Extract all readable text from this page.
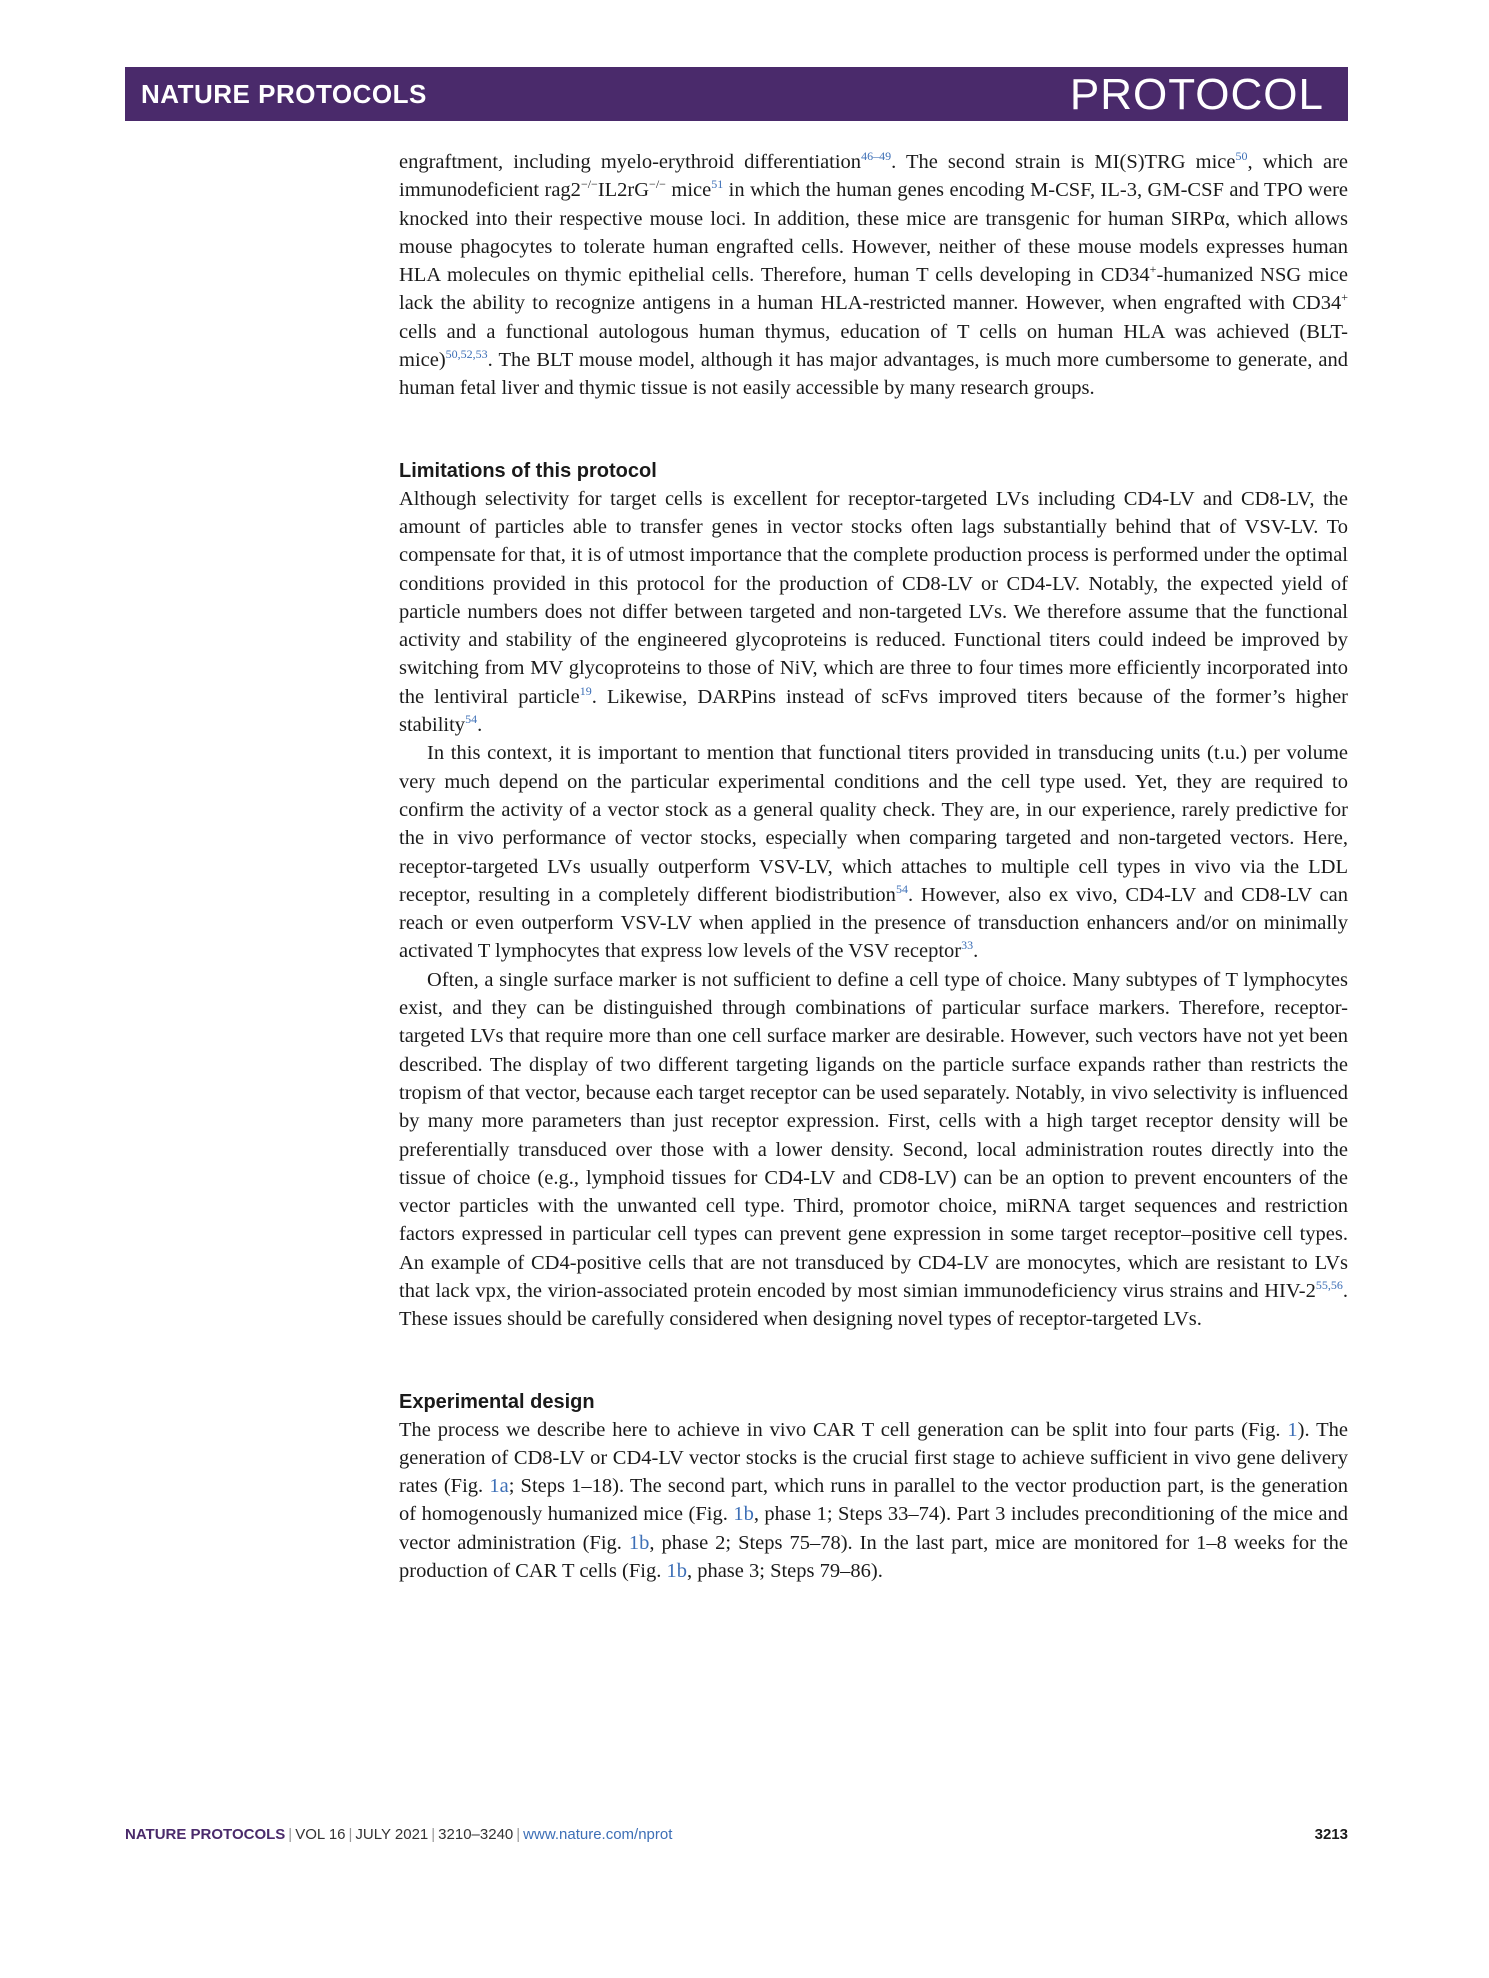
NATURE PROTOCOLS	PROTOCOL

engraftment, including myelo-erythroid differentiation$^{46-49}$. The second strain is MI(S)TRG mice$^{50}$, which are immunodeficient rag2−/−IL2rG−/− mice$^{51}$ in which the human genes encoding M-CSF, IL-3, GM-CSF and TPO were knocked into their respective mouse loci. In addition, these mice are transgenic for human SIRPα, which allows mouse phagocytes to tolerate human engrafted cells. However, neither of these mouse models expresses human HLA molecules on thymic epithelial cells. Therefore, human T cells developing in CD34+-humanized NSG mice lack the ability to recognize antigens in a human HLA-restricted manner. However, when engrafted with CD34+ cells and a functional autologous human thymus, education of T cells on human HLA was achieved (BLT-mice)$^{50,52,53}$. The BLT mouse model, although it has major advantages, is much more cumbersome to generate, and human fetal liver and thymic tissue is not easily accessible by many research groups.

Limitations of this protocol

Although selectivity for target cells is excellent for receptor-targeted LVs including CD4-LV and CD8-LV, the amount of particles able to transfer genes in vector stocks often lags substantially behind that of VSV-LV. To compensate for that, it is of utmost importance that the complete production process is performed under the optimal conditions provided in this protocol for the production of CD8-LV or CD4-LV. Notably, the expected yield of particle numbers does not differ between targeted and non-targeted LVs. We therefore assume that the functional activity and stability of the engineered glycoproteins is reduced. Functional titers could indeed be improved by switching from MV glycoproteins to those of NiV, which are three to four times more efficiently incorporated into the lentiviral particle$^{19}$. Likewise, DARPins instead of scFvs improved titers because of the former’s higher stability$^{54}$.

In this context, it is important to mention that functional titers provided in transducing units (t.u.) per volume very much depend on the particular experimental conditions and the cell type used. Yet, they are required to confirm the activity of a vector stock as a general quality check. They are, in our experience, rarely predictive for the in vivo performance of vector stocks, especially when comparing targeted and non-targeted vectors. Here, receptor-targeted LVs usually outperform VSV-LV, which attaches to multiple cell types in vivo via the LDL receptor, resulting in a completely different biodistribution$^{54}$. However, also ex vivo, CD4-LV and CD8-LV can reach or even outperform VSV-LV when applied in the presence of transduction enhancers and/or on minimally activated T lymphocytes that express low levels of the VSV receptor$^{33}$.

Often, a single surface marker is not sufficient to define a cell type of choice. Many subtypes of T lymphocytes exist, and they can be distinguished through combinations of particular surface markers. Therefore, receptor-targeted LVs that require more than one cell surface marker are desirable. However, such vectors have not yet been described. The display of two different targeting ligands on the particle surface expands rather than restricts the tropism of that vector, because each target receptor can be used separately. Notably, in vivo selectivity is influenced by many more parameters than just receptor expression. First, cells with a high target receptor density will be preferentially transduced over those with a lower density. Second, local administration routes directly into the tissue of choice (e.g., lymphoid tissues for CD4-LV and CD8-LV) can be an option to prevent encounters of the vector particles with the unwanted cell type. Third, promotor choice, miRNA target sequences and restriction factors expressed in particular cell types can prevent gene expression in some target receptor–positive cell types. An example of CD4-positive cells that are not transduced by CD4-LV are monocytes, which are resistant to LVs that lack vpx, the virion-associated protein encoded by most simian immunodeficiency virus strains and HIV-2$^{55,56}$. These issues should be carefully considered when designing novel types of receptor-targeted LVs.

Experimental design

The process we describe here to achieve in vivo CAR T cell generation can be split into four parts (Fig. 1). The generation of CD8-LV or CD4-LV vector stocks is the crucial first stage to achieve sufficient in vivo gene delivery rates (Fig. 1a; Steps 1–18). The second part, which runs in parallel to the vector production part, is the generation of homogenously humanized mice (Fig. 1b, phase 1; Steps 33–74). Part 3 includes preconditioning of the mice and vector administration (Fig. 1b, phase 2; Steps 75–78). In the last part, mice are monitored for 1–8 weeks for the production of CAR T cells (Fig. 1b, phase 3; Steps 79–86).

NATURE PROTOCOLS | VOL 16 | JULY 2021 | 3210–3240 | www.nature.com/nprot	3213
